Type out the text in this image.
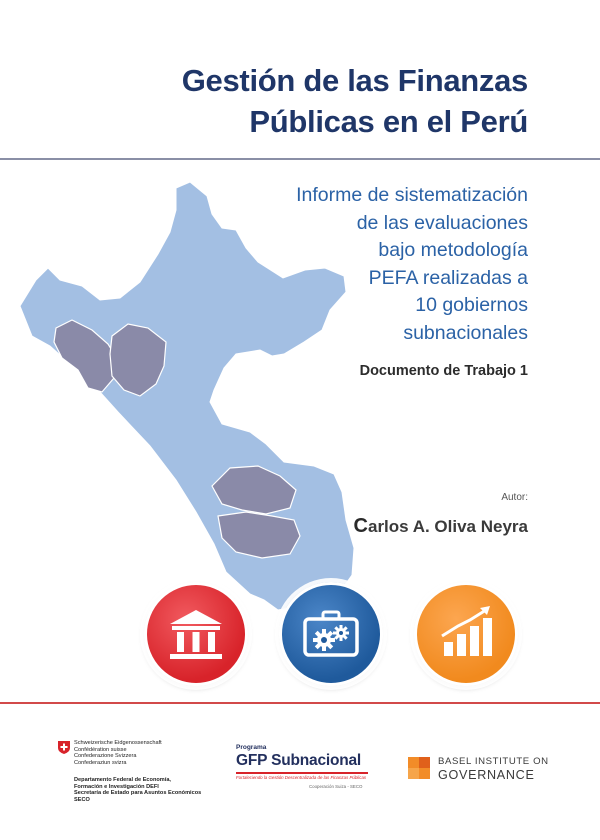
Gestión de las Finanzas
Públicas en el Perú
Informe de sistematización
de las evaluaciones
bajo metodología
PEFA realizadas a
10 gobiernos
subnacionales
Documento de Trabajo 1
Autor:
Carlos A. Oliva Neyra
Schweizerische Eidgenossenschaft
Confédération suisse
Confederazione Svizzera
Confederaziun svizra
Departamento Federal de Economía,
Formación e Investigación DEFI
Secretaría de Estado para Asuntos Económicos SECO
Programa
GFP Subnacional
Fortaleciendo la Gestión Descentralizada de las Finanzas Públicas
Cooperación Suiza - SECO
BASEL INSTITUTE ON
GOVERNANCE
